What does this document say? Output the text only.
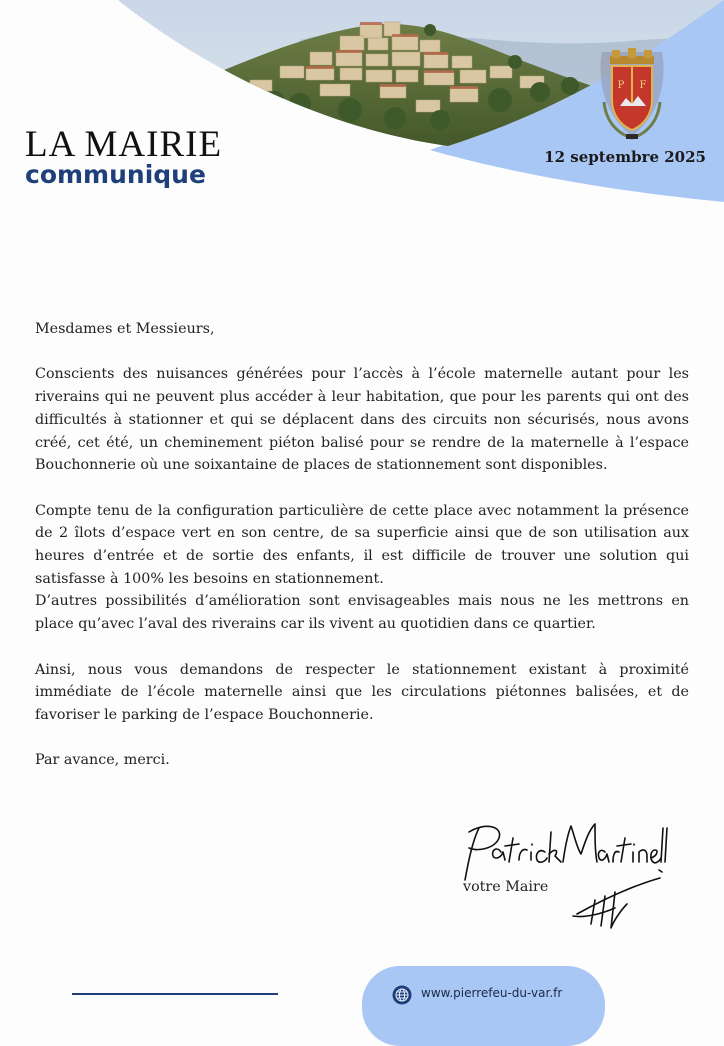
P F
LA MAIRIE
communique
12 septembre 2025

Mesdames et Messieurs,

Conscients des nuisances générées pour l’accès à l’école maternelle autant pour les riverains qui ne peuvent plus accéder à leur habitation, que pour les parents qui ont des difficultés à stationner et qui se déplacent dans des circuits non sécurisés, nous avons créé, cet été, un cheminement piéton balisé pour se rendre de la maternelle à l’espace Bouchonnerie où une soixantaine de places de stationnement sont disponibles.

Compte tenu de la configuration particulière de cette place avec notamment la présence de 2 îlots d’espace vert en son centre, de sa superficie ainsi que de son utilisation aux heures d’entrée et de sortie des enfants, il est difficile de trouver une solution qui satisfasse à 100% les besoins en stationnement.

D’autres possibilités d’amélioration sont envisageables mais nous ne les mettrons en place qu’avec l’aval des riverains car ils vivent au quotidien dans ce quartier.

Ainsi, nous vous demandons de respecter le stationnement existant à proximité immédiate de l’école maternelle ainsi que les circulations piétonnes balisées, et de favoriser le parking de l’espace Bouchonnerie.

Par avance, merci.

votre Maire
www.pierrefeu-du-var.fr
